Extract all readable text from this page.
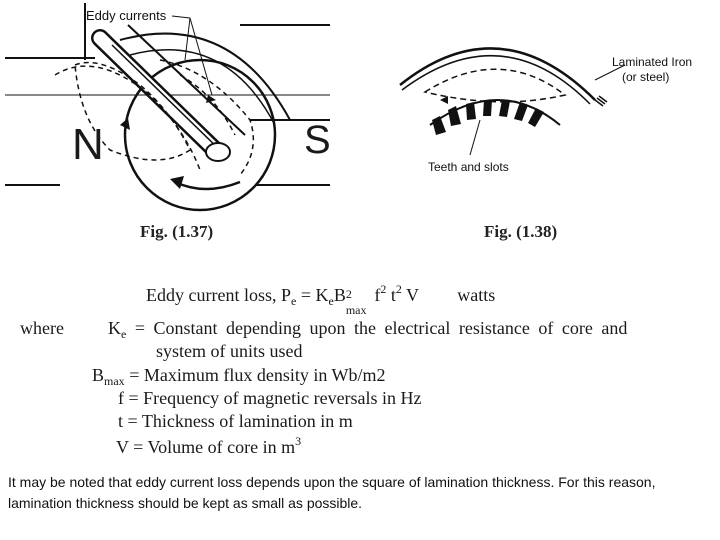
Eddy currents
N	S
Fig. (1.37)
Laminated Iron
(or steel)
Teeth and slots
Fig. (1.38)
Eddy current loss, $P_e = K_eB$ 2
max
$f^2$ $t^2$ V watts
where $K_e$ = Constant depending upon the electrical resistance of core and
system of units used
$B_{max}$ = Maximum flux density in Wb/m2
f = Frequency of magnetic reversals in Hz
t = Thickness of lamination in m
V = Volume of core in $m^3$
It may be noted that eddy current loss depends upon the square of lamination thickness. For this reason, lamination thickness should be kept as small as possible.
